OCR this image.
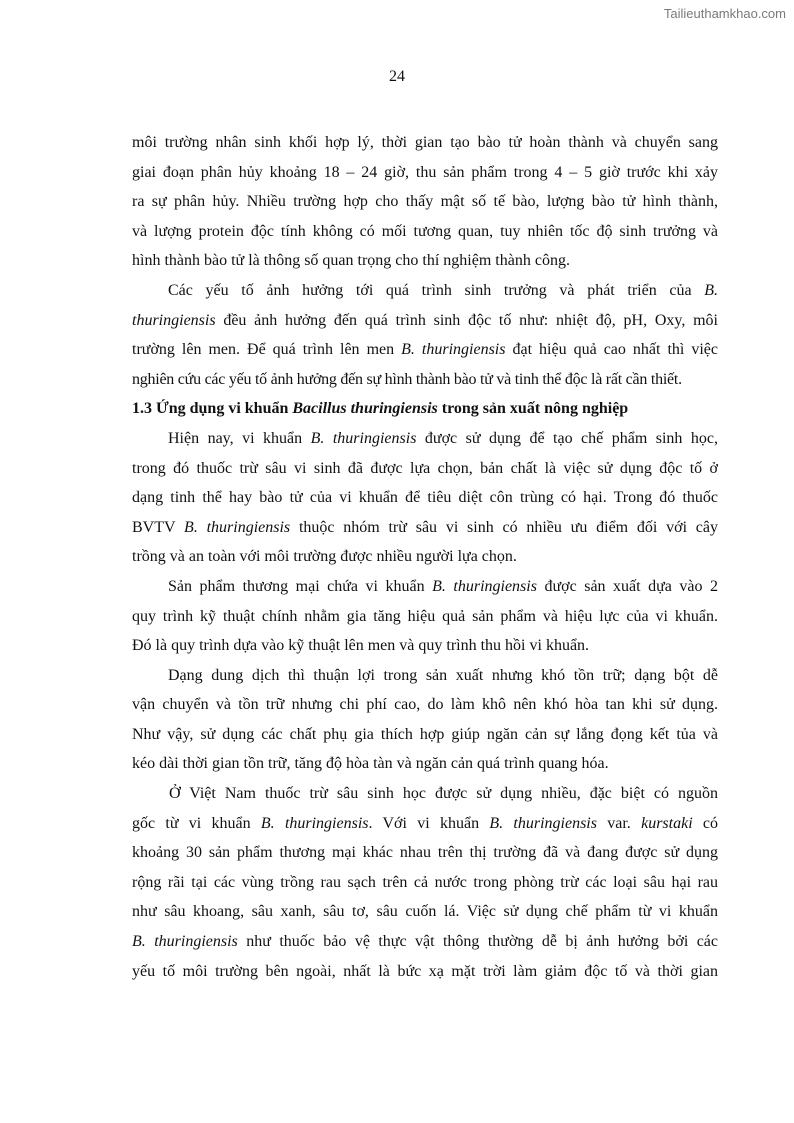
Tailieuthamkhao.com
24
môi trường nhân sinh khối hợp lý, thời gian tạo bào tử hoàn thành và chuyển sang
giai đoạn phân hủy khoảng 18 – 24 giờ, thu sản phẩm trong 4 – 5 giờ trước khi xảy
ra sự phân hủy. Nhiều trường hợp cho thấy mật số tế bào, lượng bào tử hình thành,
và lượng protein độc tính không có mối tương quan, tuy nhiên tốc độ sinh trưởng và
hình thành bào tử là thông số quan trọng cho thí nghiệm thành công.
Các yếu tố ảnh hưởng tới quá trình sinh trưởng và phát triển của B.
thuringiensis đều ảnh hưởng đến quá trình sinh độc tố như: nhiệt độ, pH, Oxy, môi
trường lên men. Để quá trình lên men B. thuringiensis đạt hiệu quả cao nhất thì việc
nghiên cứu các yếu tố ảnh hưởng đến sự hình thành bào tử và tinh thể độc là rất cần thiết.
1.3 Ứng dụng vi khuẩn Bacillus thuringiensis trong sản xuất nông nghiệp
Hiện nay, vi khuẩn B. thuringiensis được sử dụng để tạo chế phẩm sinh học,
trong đó thuốc trừ sâu vi sinh đã được lựa chọn, bản chất là việc sử dụng độc tố ở
dạng tinh thể hay bào tử của vi khuẩn để tiêu diệt côn trùng có hại. Trong đó thuốc
BVTV B. thuringiensis thuộc nhóm trừ sâu vi sinh có nhiều ưu điểm đối với cây
trồng và an toàn với môi trường được nhiều người lựa chọn.
Sản phẩm thương mại chứa vi khuẩn B. thuringiensis được sản xuất dựa vào 2
quy trình kỹ thuật chính nhằm gia tăng hiệu quả sản phẩm và hiệu lực của vi khuẩn.
Đó là quy trình dựa vào kỹ thuật lên men và quy trình thu hồi vi khuẩn.
Dạng dung dịch thì thuận lợi trong sản xuất nhưng khó tồn trữ; dạng bột dễ
vận chuyển và tồn trữ nhưng chi phí cao, do làm khô nên khó hòa tan khi sử dụng.
Như vậy, sử dụng các chất phụ gia thích hợp giúp ngăn cản sự lắng đọng kết tủa và
kéo dài thời gian tồn trữ, tăng độ hòa tàn và ngăn cản quá trình quang hóa.
Ở Việt Nam thuốc trừ sâu sinh học được sử dụng nhiều, đặc biệt có nguồn
gốc từ vi khuẩn B. thuringiensis. Với vi khuẩn B. thuringiensis var. kurstaki có
khoảng 30 sản phẩm thương mại khác nhau trên thị trường đã và đang được sử dụng
rộng rãi tại các vùng trồng rau sạch trên cả nước trong phòng trừ các loại sâu hại rau
như sâu khoang, sâu xanh, sâu tơ, sâu cuốn lá. Việc sử dụng chế phẩm từ vi khuẩn
B. thuringiensis như thuốc bảo vệ thực vật thông thường dễ bị ảnh hưởng bởi các
yếu tố môi trường bên ngoài, nhất là bức xạ mặt trời làm giảm độc tố và thời gian
